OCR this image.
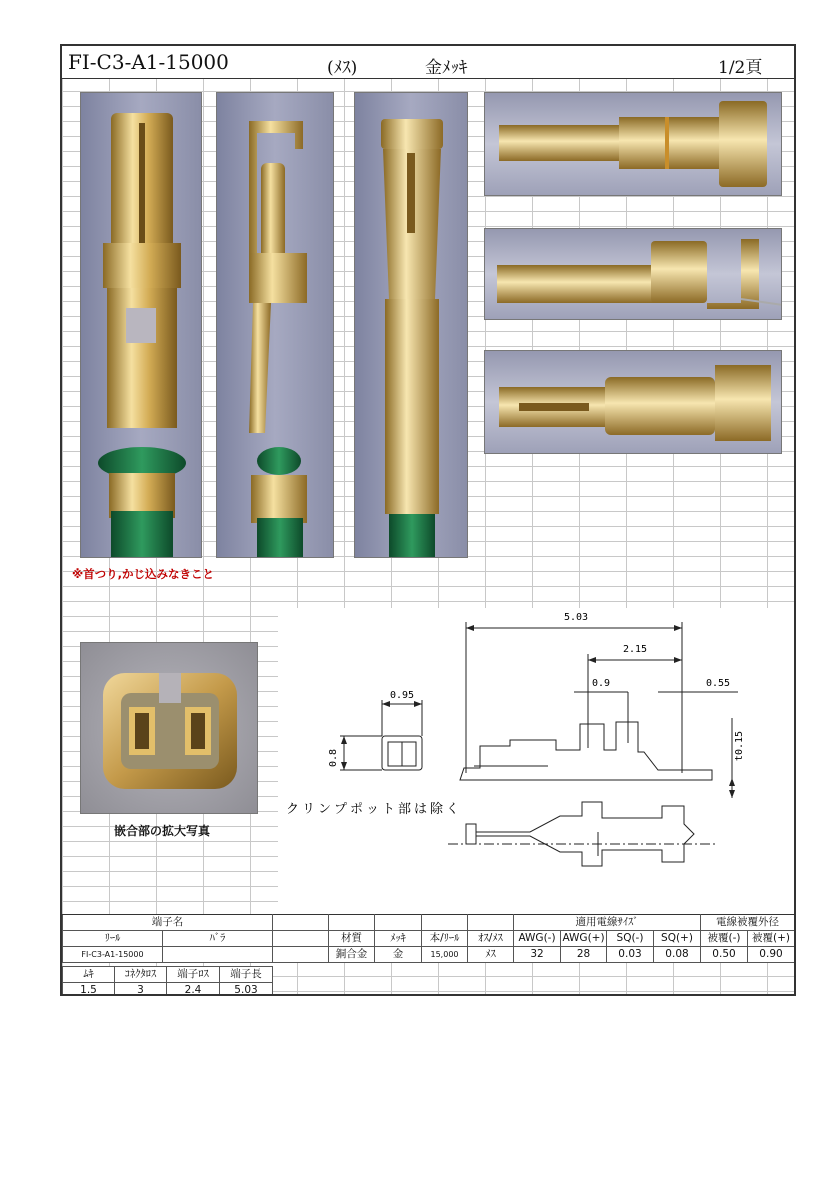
FI-C3-A1-15000	(ﾒｽ)	金ﾒｯｷ	1/2頁
※首つり,かじ込みなきこと
嵌合部の拡大写真
5.03
2.15
0.9	0.55
0.95
0.8	t0.15
クリンプポット部は除く
端子名							適用電線ｻｲｽﾞ				電線被覆外径	
ﾘｰﾙ	ﾊﾞﾗ		材質	ﾒｯｷ	本/ﾘｰﾙ	ｵｽ/ﾒｽ	AWG(-)	AWG(+)	SQ(-)	SQ(+)	被覆(-)	被覆(+)
FI-C3-A1-15000			銅合金	金	15,000	ﾒｽ	32	28	0.03	0.08	0.50	0.90
ﾑｷ	ｺﾈｸﾀﾛｽ	端子ﾛｽ	端子長
1.5	3	2.4	5.03
